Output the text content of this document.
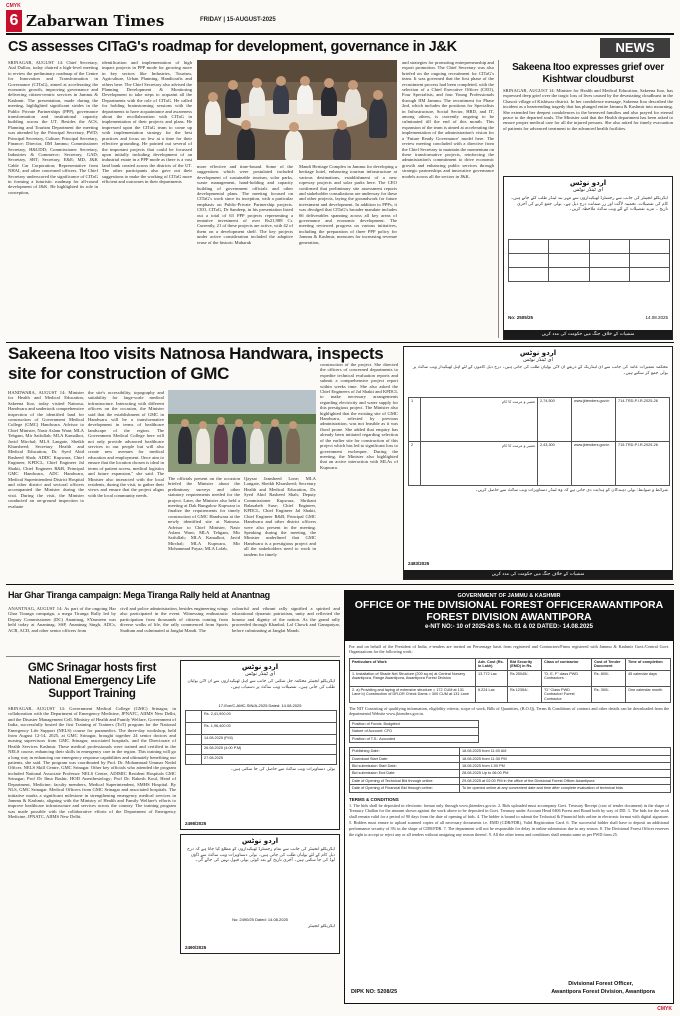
CMYK
6 Zabarwan Times	FRIDAY | 15-AUGUST-2025
NEWS
CS assesses CITaG's roadmap for development, governance in J&K
SRINAGAR, AUGUST 14: Chief Secretary, Atal Dulloo, today chaired a high-level meeting to review the preliminary roadmap of the Centre for Innovation and Transformation in Governance (CITaG), aimed at accelerating the economic growth, improving governance and delivering citizen-centric services in Jammu & Kashmir. The presentation, made during the meeting, highlighted significant strides in the Public Private Partnerships (PPP), governance transformation and institutional capacity building across the UT. Besides the ACS, Planning and Tourism Department the meeting was attended by the Principal Secretary, PWD; Principal Secretary, Culture; Principal Secretary, Finance; Director, IIM Jammu; Commissioner Secretary, H&UDD; Commissioner Secretary, Industries & Commerce; Secretary, GAD; Secretary, SBT; Secretary, E&E; MD, J&K Cable Car Corporation; Representative from NHAI, and other concerned officers. The Chief Secretary underscored the significance of CITaG in forming a futuristic roadmap for all-round development of J&K. He highlighted its role in conception,
identification and implementation of high impact projects in PPP mode for growing more in key sectors like Industries, Tourism, Agriculture, Urban Planning, Handicrafts and others here. The Chief Secretary also advised the Planning Development & Monitoring Development to take steps to acquaint all the Departments with the role of CITaG. He called for holding brainstorming sessions with the departments to have acquaintance and awareness about the recollaboration with CITaG in implementation of their projects and plans. He impressed upon the CITaG team to come up with implementation strategy for the best practices and focus on few at a time for their effective grounding. He pointed out several of the important projects that could be focussed upon initially including development of an industrial estate in a PPP mode as there is a vast land bank created across the districts of the UT. The other participants also gave out their suggestions to make the working of CITaG more efficient and outcomes in their departments
more effective and time-bound. Some of the suggestions which were postulated included development of sustainable tourism, solar parks, waste management, hand-holding and capacity building of government officials and other developmental plans. The meeting focused on CITaG's work since its inception, with a particular emphasis on Public-Private Partnership projects. CEO, CITaG, Dr Sandeep, in his presentation listed out a total of 63 PPP projects representing a tentative investment of over Rs21,988 Cr. Currently, 21 of these projects are active, with 42 of them on a development shelf. The key projects under active consideration included the adaptive reuse of the historic Mubarak
Mandi Heritage Complex in Jammu for developing a heritage hotel, enhancing tourism infrastructure at various destinations, establishment of a new ropeway projects and solar parks here. The CEO confirmed that preliminary site assessment reports and stakeholder consultations are underway for these and other projects, laying the groundwork for future investment and development. In addition to PPPs, it was divulged that CITaG's broader mandate includes 66 deliverables spanning across all key areas of governance and economic development. The meeting reviewed progress on various initiatives, including the preparation of three PPP policy for Jammu & Kashmir, measures for increasing revenue generation,
and strategies for promoting entrepreneurship and export promotion. The Chief Secretary was also briefed on the ongoing recruitment for CITaG's team. It was governed that the first phase of the recruitment process had been completed, with the selection of a Chief Executive Officer (CEO), Four Specialists, and four Young Professionals through IIM Jammu. The recruitment for Phase 2nd, which includes the positions for Specialists in Infrastructure, Social Sector, HRD, and IT, among others, is currently ongoing to be culminated till the end of this month. This expansion of the team is aimed at accelerating the implementation of the administration's vision for a 'Future Ready Governance' model here. The review meeting concluded with a directive from the Chief Secretary to maintain the momentum on these transformative projects, reinforcing the administration's commitment to drive economic growth and enhancing public services through strategic partnerships and innovative governance models across all the sectors in J&K.
Sakeena Itoo expresses grief over Kishtwar cloudburst
SRINAGAR, AUGUST 14: Minister for Health and Medical Education, Sakeena Itoo, has expressed deep grief over the tragic loss of lives caused by the devastating cloudburst in the Chasoti village of Kishtwar district. In her condolence message, Sakeena Itoo described the incident as a heartrending tragedy that has plunged entire Jammu & Kashmir into mourning. She extended her deepest condolences to the bereaved families and also prayed for eternal peace to the departed souls. The Minister said that the Health department has been asked to ensure proper medical care for all the injured persons. She also asked for timely evacuation of patients for advanced treatment to the advanced health facilities.
اردو نوٹس
ای ٹینڈر نوٹس
ایگزیکٹو انجینئر کی جانب سے رجسٹرڈ ٹھیکیداروں سے مہر بند ٹینڈر طلب کئے جاتے ہیں۔ کام کی تفصیلات، تخمینہ لاگت اور زر ضمانت درج ذیل ہے۔ بولی جمع کرنے کی آخری تاریخ ۔ مزید تفصیلات کے لئے ویب سائٹ ملاحظہ کریں۔

No: 2505/25	14.08.2025
منشیات کے خلاف جنگ میں حکومت کی مدد کریں
Sakeena Itoo visits Natnosa Handwara, inspects site for construction of GMC
HANDWARA, AUGUST 14: Minister for Health and Medical Education, Sakeena Itoo, today visited Natnosa, Handwara and undertook comprehensive inspection of the identified land for construction of Government Medical College (GMC) Handwara. Advisor to Chief Minister, Nasir Aslam Wani; MLA Tehgam, Mir Saifullah; MLA Kamalkot, Javid Mirchal; MLA Langate, Sheikh Khursheed; Secretary Health and Medical Education, Dr. Syed Abid Rasheed Shah; ADDC Kupwara, Chief Engineer, KPDCL, Chief Engineer Jal Shakti, Chief Engineer R&B, Principal GMC Handwara, ADC Handwara, Medical Superintendent District Hospital and other district and sectoral officers accompanied the Minister during the visit. During the visit, the Minister conducted an on-ground inspection to evaluate
the site's accessibility, topography and suitability for large-scale medical infrastructure. Interacting with different officers on the occasion, the Minister said that the establishment of GMC in Handwara will be a transformative development in terms of healthcare landscape of the region. The Government Medical College here will not only provide advanced healthcare services to our people but will also create new avenues for medical education and employment. Once aim to ensure that the location chosen is ideal in terms of patient access, medical logistics and future expansion," she said. The Minister also interacted with the local residents, during the visit, to gather their views and ensure that the project aligns with the local community needs.
The officials present on the occasion briefed the Minister about the preliminary surveys and other statutory requirements needed for the project. Later, the Minister also held a meeting at Dak Bungalow Kupwara to finalize the requirements for timely construction of GMC Handwara at the newly identified site at Natnosa. Advisor to Chief Minister, Nasir Aslam Wani; MLA Tehgam, Mir Saifullah; MLA Kamalkot, Javid Mirchal; MLA Kupwara, Mir Mohammad Fayaz; MLA Lolab,
Qaysar Jamsheed Lone; MLA Langate, Sheikh Khursheed; Secretary Health and Medical Education, Dr. Syed Abid Rasheed Shah; Deputy Commissioner Kupwara, Shrikant Balasaheb Suse; Chief Engineer, KPDCL, Chief Engineer Jal Shakti, Chief Engineer R&B, Principal GMC Handwara and other district officers were also present in the meeting. Speaking during the meeting, the Minister underlined that GMC Handwara is a prestigious project and all the stakeholders need to work in tandem for timely
construction of the project. She directed the officers of concerned departments to expedite technical evaluation reports and submit a comprehensive project report within weeks time. She also asked the Chief Engineers of Jal Shakti and KPDCL to make necessary arrangements regarding electricity and water supply for this prestigious project. The Minister also highlighted that the existing site of GMC Handwara, selected by previous administration, was not feasible as it was flood prone. She added that enquiry has already been initiated regarding selection of the earlier site for construction of this project which has led to significant loss to government exchequer. During the meeting, the Minister also highlighted that an active interaction with MLAs of Kupwara.
اردو نوٹس
ای ٹینڈر نوٹس
محکمہ تعمیرات عامہ کی جانب سے ای ٹینڈرنگ کے ذریعے آن لائن بولیاں طلب کی جاتی ہیں۔ درج ذیل کاموں کے لئے اہل ٹھیکیدار ویب سائٹ پر بولی جمع کر سکتے ہیں۔
1	تعمیر و مرمت کا کام	2,74,500	www.jktenders.gov.in	714-TRD-P.I.R-2025-26
2	تعمیر و مرمت کا کام	2,43,300	www.jktenders.gov.in	715-TRD-P.I.R-2025-26
شرائط و ضوابط: بولی دہندگان کو ہدایت دی جاتی ہے کہ وہ ٹینڈر دستاویزات ویب سائٹ سے حاصل کریں۔
2483/2025
منشیات کے خلاف جنگ میں حکومت کی مدد کریں
Har Ghar Tiranga campaign: Mega Tiranga Rally held at Anantnag
ANANTNAG, AUGUST 14: As part of the ongoing Har Ghar Tiranga campaign, a mega Tiranga Rally led by Deputy Commissioner (DC) Anantnag, SYasmeen was held today at Anantnag. SSP, Anantnag Singh, ADCs, ACR, ACD, and other senior officers from
civil and police administration, besides engineering wings also participated in the event. Witnessing enthusiastic participation from thousands of citizens coming from diverse walks of life, the rally commenced from Sports Stadium and culminated at Janglat Mandi. The
colourful and vibrant rally signified a spirited and educational dynamic patriotism, unity and reflected the honour and dignity of the nation. As the grand rally proceeded through Khanbal, Lal Chowk and Ganapatyar, before culminating at Janglat Mandi.
GMC Srinagar hosts first National Emergency Life Support Training
SRINAGAR, AUGUST 14: Government Medical College (GMC) Srinagar, in collaboration with the Department of Emergency Medicine, JPNATC, AIIMS New Delhi, and the Disaster Management Cell, Ministry of Health and Family Welfare, Government of India, successfully hosted the first Training of Trainers (ToT) program for the National Emergency Life Support (NELS) course for paramedics. The three-day workshop, held from August 12-14, 2025, at GMC Srinagar, brought together 24 senior doctors and nursing supervisors from GMC Srinagar, associated hospitals, and the Directorate of Health Services Kashmir. These medical professionals were trained and certified in the NELS course, enhancing their skills in emergency care in the region. This training will go a long way in enhancing our emergency response capabilities and ultimately benefiting our patients, she said. The program was coordinated by Prof. Dr. Mohammad Ummar Nodal Officer, NELS Skill Centre, GMC Srinagar. Other key officials who attended the program included National Associate Professor NELS Centre, ADIMIC Resident Hospitals GMC Srinagar; Prof Dr Ilma Bashir, HOD Anesthesiology; Prof Dr. Rakesh Koul, Head of Department, Medicine; faculty members, Medical Superintendent, SMHS Hospital. By NLS, GMC Srinagar. Medical Officers from GMC Srinagar and associated hospitals. The initiative marks a significant milestone in strengthening emergency medical services in Jammu & Kashmir, aligning with the Ministry of Health and Family Welfare's efforts to improve healthcare infrastructure and services across the country. The training program was made possible with the collaborative efforts of the Department of Emergency Medicine, JPNATC, AIIMS New Delhi.
اردو نوٹس
ای ٹینڈر نوٹس
ایگزیکٹو انجینئر محکمہ جل شکتی کی جانب سے اہل ٹھیکیداروں سے آن لائن بولیاں طلب کی جاتی ہیں۔ تفصیلات ویب سائٹ پر دستیاب ہیں۔
17-Exe/C-AMC-SIN/A-2025 Dated: 14.08.2025
	Rs. 2,41,900.00
	Rs. 1,96,400.00
	14.08.2025 (P.M)
	26.08.2025 (4:00 P.M)
	27.08.2025
بولی دستاویزات ویب سائٹ سے حاصل کی جا سکتی ہیں۔
2498/2025
اردو نوٹس
ایگزیکٹو انجینئر کی جانب سے تمام رجسٹرڈ ٹھیکیداروں کو مطلع کیا جاتا ہے کہ درج ذیل کام کے لئے بولیاں طلب کی جاتی ہیں۔ بولی دستاویزات ویب سائٹ سے ڈاؤن لوڈ کی جا سکتی ہیں۔ آخری تاریخ کے بعد کوئی بولی قبول نہیں کی جائے گی۔
No: 2490/25 Dated: 14.08.2025
ایگزیکٹو انجینئر
2490/2025
GOVERNMENT OF JAMMU & KASHMIR
OFFICE OF THE DIVISIONAL FOREST OFFICERAWANTIPORA
FOREST DIVISION AWANTIPORA
e-NIT NO:- 10 of 2025-26 S. No. 01 & 02 DATED:- 14.08.2025
For and on behalf of the President of India, e-tenders are invited on Percentage basis from registered and Contractors/Firms registered with Jammu & Kashmir Govt./Central Govt. Organizations for the following work:
Particulars of Work	Adv. Cost (Rs. in Lakh)	Bid Security (EMD) in Rs.	Class of contractor	Cost of Tender Document	Time of completion
1. Installation of Shade Net Structure (200 sq.m) at Central Nursery Awantipora, Range Awantipora, Awantipora Forest Division	13.772 Lac	Rs 25045/-	"D, E, F" class PWD Contractors	Rs. 800/-	45 calendar days
2. a) Providing and laying of extensive structure = 172 CUM at 131 Lane b) Construction of DR-DR Check Dams = 300 CUM at 131 Lane	6.224 Lac	Rs 12354/-	"D" Class PWD Contractor/ Forest Contractor	Rs. 300/-	One calendar month
The NIT Consisting of qualifying information, eligibility criteria, scope of work, Bills of Quantities, (B.O.Q), Terms & Conditions of contract and other details can be downloaded from the departmental Website www.jktenders.gov.in.
Position of Funds: Budgeted
Nature of Account: CFD
Position of T.S.: Accorded
Publishing Date:	18.08.2025 from 11:00 AM
Download Start Date:	18.08.2025 from 11:30 PM
Bid submission Start Date:	18.08.2025 from 1:00 PM
Bid submission End Date:	28.08.2025 Up to 06:00 PM
Date of Opening of Technical Bid through online:	29.08.2025 at 02:00 PM in the office of the Divisional Forest Officer Awantipora
Date of Opening of Financial Bid through online:	To be opened online at any convenient date and time after complete evaluation of technical bids
TERMS & CONDITIONS
1. The bids shall be deposited in electronic format only through www.jktenders.gov.in. 2. Bids uploaded must accompany Govt. Treasury Receipt (cost of tender document) in the shape of Treasury Challan for the amount shown against the work above to be deposited in Govt. Treasury under Account Head 0406 Forest and Board both by way of DD. 3. The bids for the work shall remain valid for a period of 90 days from the date of opening of bids. 4. The bidder is bound to submit the Technical & Financial bids online in electronic format with digital signature. 5. Bidders must ensure to upload scanned copies of all necessary documents i.e. EMD (CDR/FDR), Valid Registration Card. 6. The successful bidder shall have to deposit an additional performance security of 3% in the shape of CDR/FDR. 7. The department will not be responsible for delay in online submission due to any reason. 8. The Divisional Forest Officer reserves the right to accept or reject any or all tenders without assigning any reason thereof. 9. All the other terms and conditions shall remain same as per PWD form 25.
DIPK NO: 5208/25
Divisional Forest Officer,
Awantipora Forest Division, Awantipora
CMYK
